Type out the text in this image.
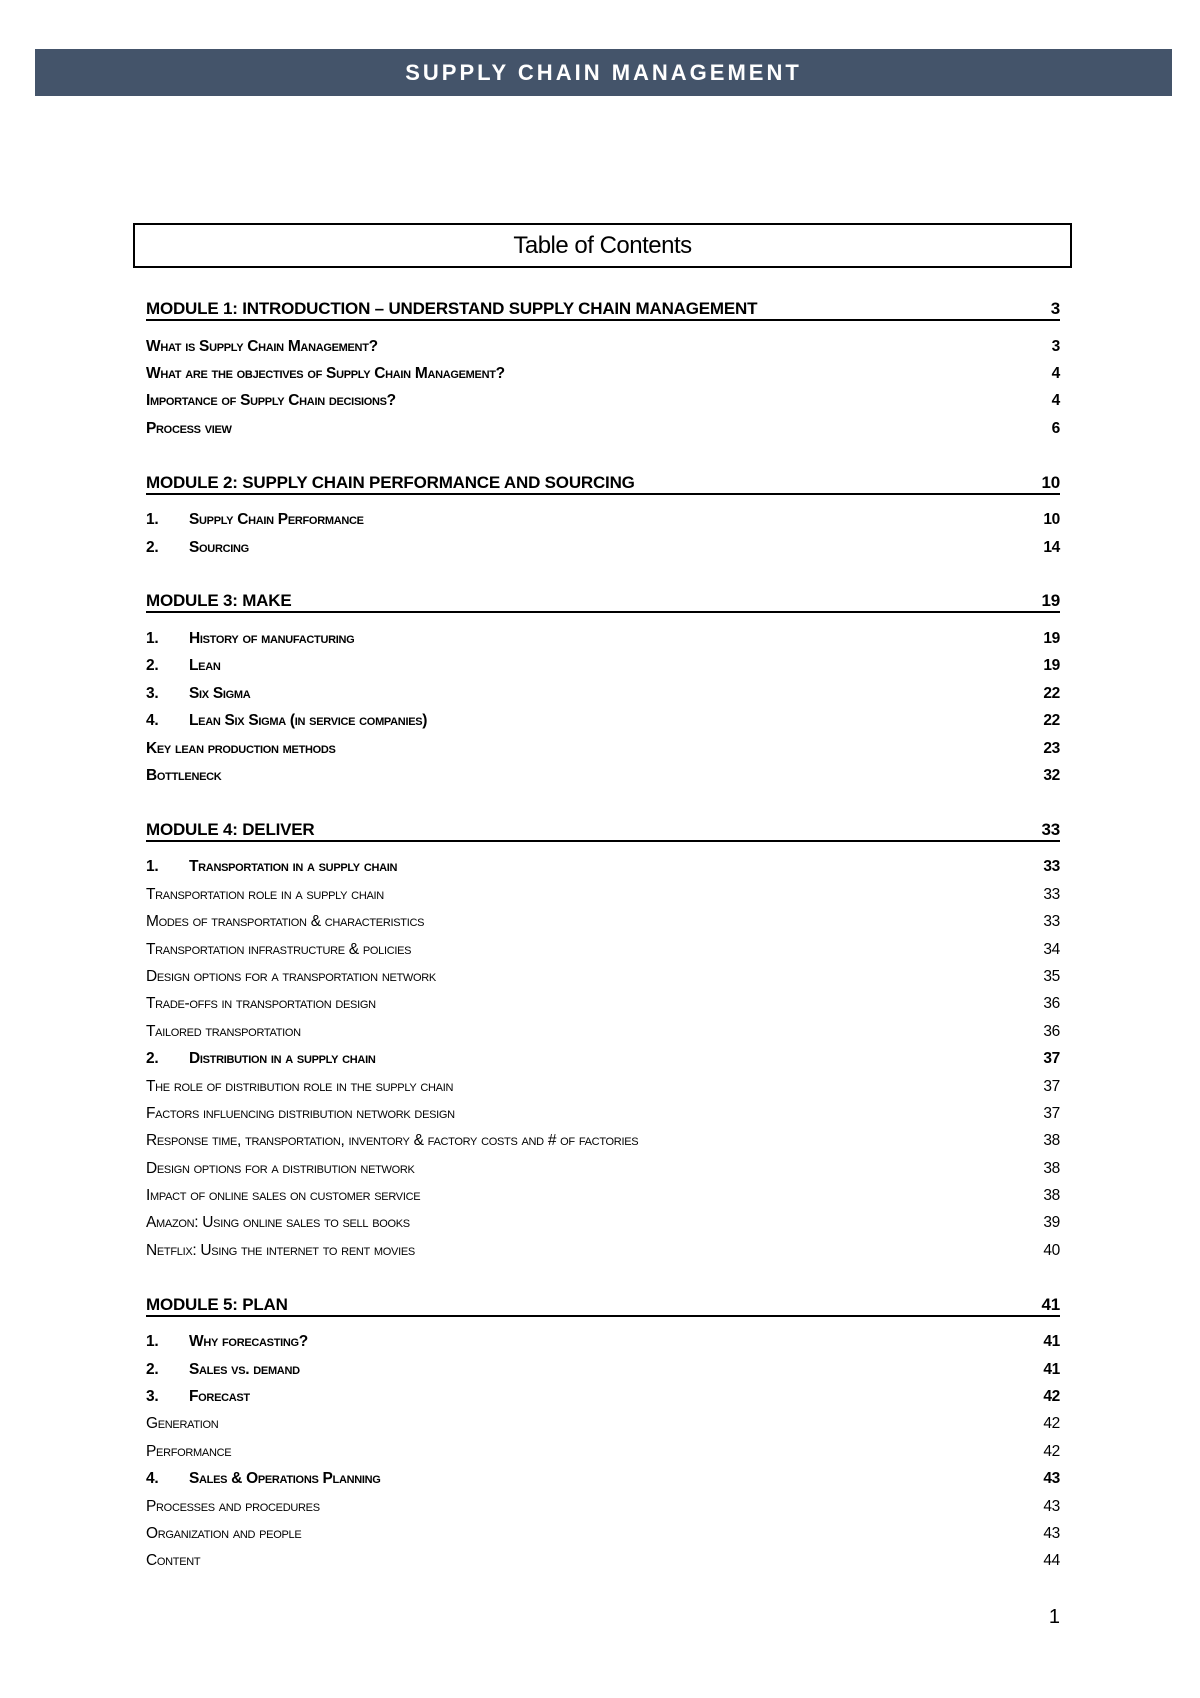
SUPPLY CHAIN MANAGEMENT
Table of Contents
MODULE 1: INTRODUCTION – UNDERSTAND SUPPLY CHAIN MANAGEMENT	3
What is Supply Chain Management?	3
What are the objectives of Supply Chain Management?	4
Importance of Supply Chain decisions?	4
Process view	6
MODULE 2: SUPPLY CHAIN PERFORMANCE AND SOURCING	10
1.	Supply Chain Performance	10
2.	Sourcing	14
MODULE 3: MAKE	19
1.	History of manufacturing	19
2.	Lean	19
3.	Six Sigma	22
4.	Lean Six Sigma (in service companies)	22
Key lean production methods	23
Bottleneck	32
MODULE 4: DELIVER	33
1.	Transportation in a supply chain	33
Transportation role in a supply chain	33
Modes of transportation & characteristics	33
Transportation infrastructure & policies	34
Design options for a transportation network	35
Trade-offs in transportation design	36
Tailored transportation	36
2.	Distribution in a supply chain	37
The role of distribution role in the supply chain	37
Factors influencing distribution network design	37
Response time, transportation, inventory & factory costs and # of factories	38
Design options for a distribution network	38
Impact of online sales on customer service	38
Amazon: Using online sales to sell books	39
Netflix: Using the internet to rent movies	40
MODULE 5: PLAN	41
1.	Why forecasting?	41
2.	Sales vs. demand	41
3.	Forecast	42
Generation	42
Performance	42
4.	Sales & Operations Planning	43
Processes and procedures	43
Organization and people	43
Content	44
1
